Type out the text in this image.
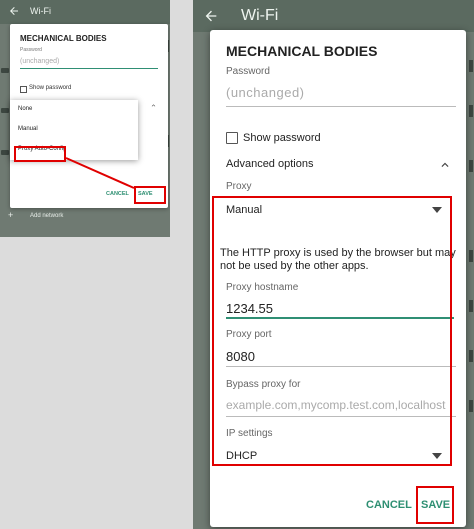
Wi-Fi
MECHANICAL BODIES
Password
(unchanged)
Show password
CANCEL SAVE
None
Manual
Proxy Auto-Config
+	Add network
Wi-Fi
MECHANICAL BODIES
Password
(unchanged)
Show password
Advanced options
Proxy
Manual
The HTTP proxy is used by the browser but may not be used by the other apps.
Proxy hostname
1234.55
Proxy port
8080
Bypass proxy for
example.com,mycomp.test.com,localhost
IP settings
DHCP
CANCEL SAVE
